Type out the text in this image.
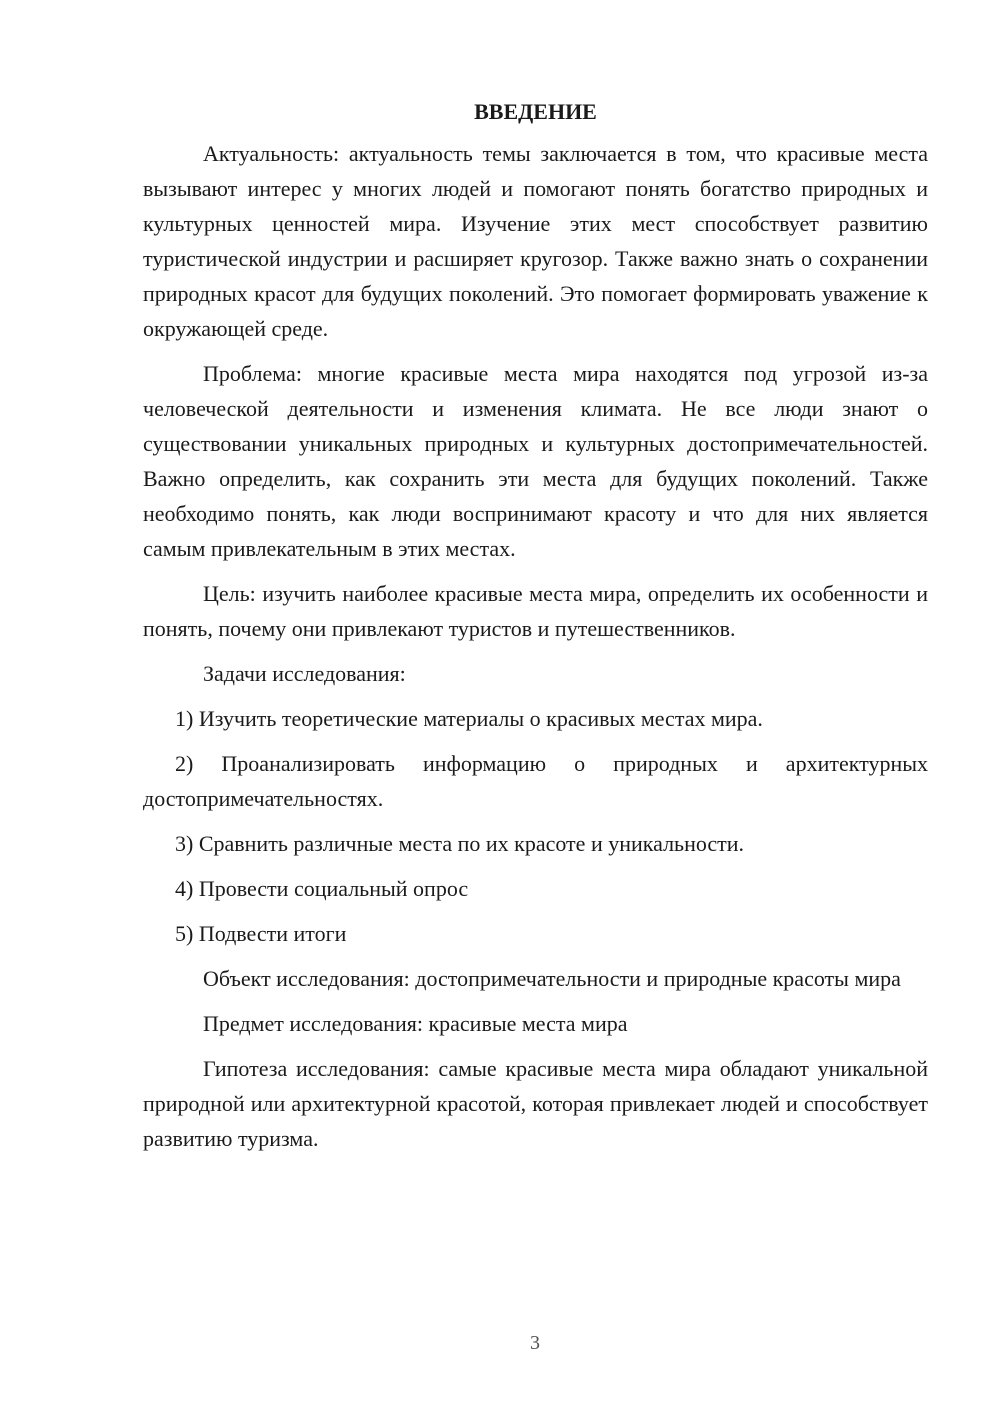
ВВЕДЕНИЕ

Актуальность: актуальность темы заключается в том, что красивые места вызывают интерес у многих людей и помогают понять богатство природных и культурных ценностей мира. Изучение этих мест способствует развитию туристической индустрии и расширяет кругозор. Также важно знать о сохранении природных красот для будущих поколений. Это помогает формировать уважение к окружающей среде.

Проблема: многие красивые места мира находятся под угрозой из-за человеческой деятельности и изменения климата. Не все люди знают о существовании уникальных природных и культурных достопримечательностей. Важно определить, как сохранить эти места для будущих поколений. Также необходимо понять, как люди воспринимают красоту и что для них является самым привлекательным в этих местах.

Цель: изучить наиболее красивые места мира, определить их особенности и понять, почему они привлекают туристов и путешественников.

Задачи исследования:

1) Изучить теоретические материалы о красивых местах мира.

2) Проанализировать информацию о природных и архитектурных достопримечательностях.

3) Сравнить различные места по их красоте и уникальности.

4) Провести социальный опрос

5) Подвести итоги

Объект исследования: достопримечательности и природные красоты мира

Предмет исследования: красивые места мира

Гипотеза исследования: самые красивые места мира обладают уникальной природной или архитектурной красотой, которая привлекает людей и способствует развитию туризма.

3
